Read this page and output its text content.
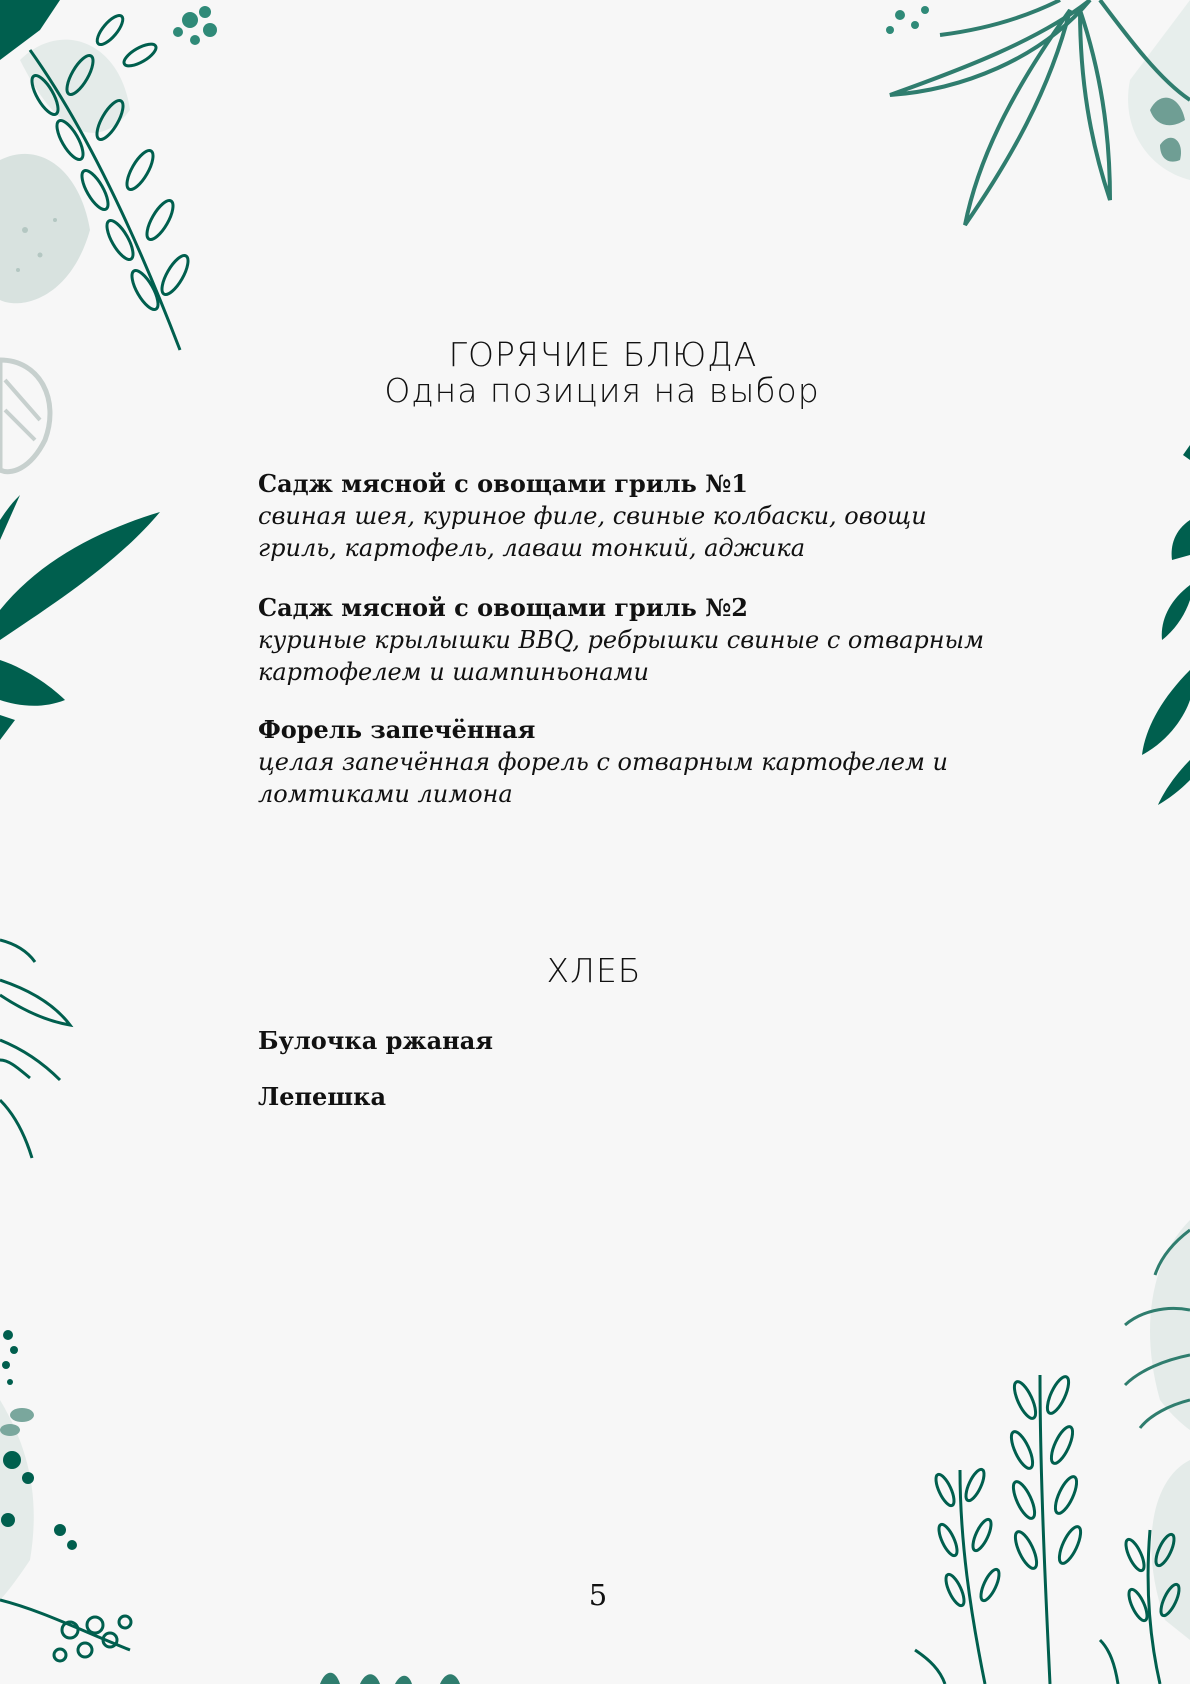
ГОРЯЧИЕ БЛЮДА
Одна позиция на выбор

Садж мясной с овощами гриль №1

свиная шея, куриное филе, свиные колбаски, овощи гриль, картофель, лаваш тонкий, аджика

Садж мясной с овощами гриль №2

куриные крылышки BBQ, ребрышки свиные с отварным картофелем и шампиньонами

Форель запечённая

целая запечённая форель с отварным картофелем и ломтиками лимона

ХЛЕБ

Булочка ржаная

Лепешка

5
